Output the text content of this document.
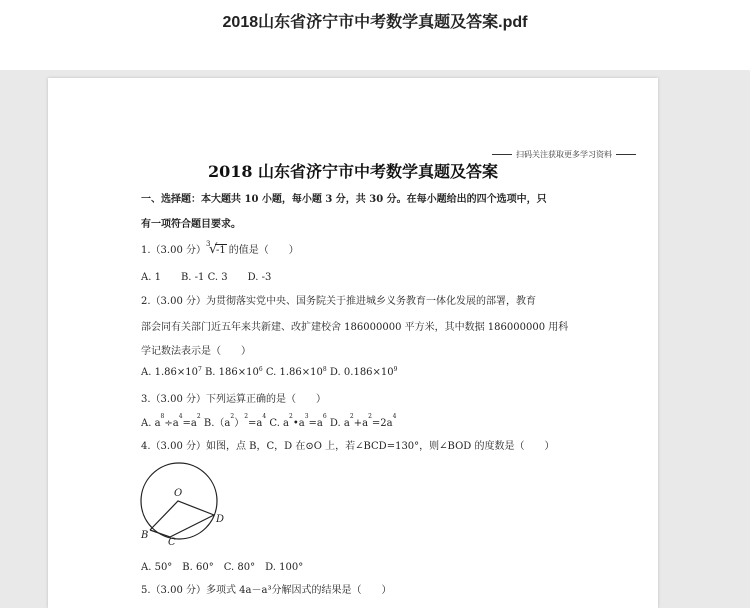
2018山东省济宁市中考数学真题及答案.pdf
扫码关注获取更多学习资料
2018 山东省济宁市中考数学真题及答案
一、选择题：本大题共 10 小题，每小题 3 分，共 30 分。在每小题给出的四个选项中，只
有一项符合题目要求。
1.（3.00 分）
3
√
-1 的值是（　　）
A. 1　　B. -1 C. 3　　D. -3
2.（3.00 分）为贯彻落实党中央、国务院关于推进城乡义务教育一体化发展的部署，教育
部会同有关部门近五年来共新建、改扩建校舍 186000000 平方米，其中数据 186000000 用科
学记数法表示是（　　）
A. $1.86\times 10^7$ B. $186\times 10^6$ C. $1.86\times 10^8$ D. $0.186\times 10^9$
3.（3.00 分）下列运算正确的是（　　）
A. $a^8\div a^4=a^2$ $B.(a^2)^2=a^4$ C. $a^2•a^3=a^6$ D. $a^2+a^2=2a^4$
4.（3.00 分）如图，点 B，C，D 在⊙O 上，若∠BCD=130°，则∠BOD 的度数是（　　）
O
B
C
D
A. 50°　B. 60°　C. 80°　D. 100°
5.（3.00 分）多项式 4a－a³分解因式的结果是（　　）
